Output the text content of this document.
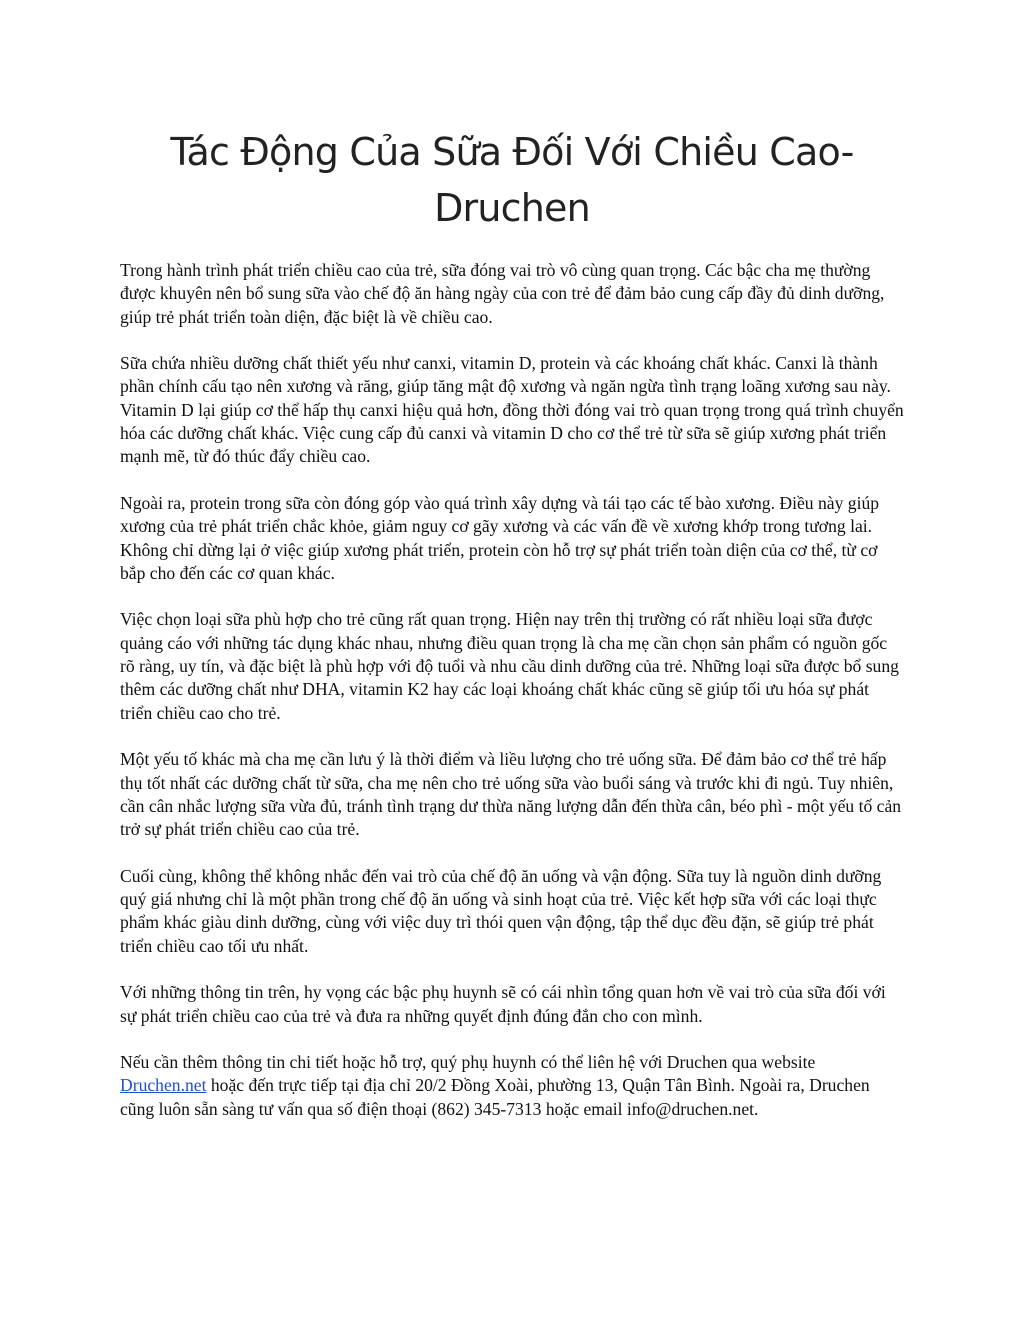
Tác Động Của Sữa Đối Với Chiều Cao-
Druchen

Trong hành trình phát triển chiều cao của trẻ, sữa đóng vai trò vô cùng quan trọng. Các bậc cha mẹ thường được khuyên nên bổ sung sữa vào chế độ ăn hàng ngày của con trẻ để đảm bảo cung cấp đầy đủ dinh dưỡng, giúp trẻ phát triển toàn diện, đặc biệt là về chiều cao.

Sữa chứa nhiều dưỡng chất thiết yếu như canxi, vitamin D, protein và các khoáng chất khác. Canxi là thành phần chính cấu tạo nên xương và răng, giúp tăng mật độ xương và ngăn ngừa tình trạng loãng xương sau này. Vitamin D lại giúp cơ thể hấp thụ canxi hiệu quả hơn, đồng thời đóng vai trò quan trọng trong quá trình chuyển hóa các dưỡng chất khác. Việc cung cấp đủ canxi và vitamin D cho cơ thể trẻ từ sữa sẽ giúp xương phát triển mạnh mẽ, từ đó thúc đẩy chiều cao.

Ngoài ra, protein trong sữa còn đóng góp vào quá trình xây dựng và tái tạo các tế bào xương. Điều này giúp xương của trẻ phát triển chắc khỏe, giảm nguy cơ gãy xương và các vấn đề về xương khớp trong tương lai. Không chỉ dừng lại ở việc giúp xương phát triển, protein còn hỗ trợ sự phát triển toàn diện của cơ thể, từ cơ bắp cho đến các cơ quan khác.

Việc chọn loại sữa phù hợp cho trẻ cũng rất quan trọng. Hiện nay trên thị trường có rất nhiều loại sữa được quảng cáo với những tác dụng khác nhau, nhưng điều quan trọng là cha mẹ cần chọn sản phẩm có nguồn gốc rõ ràng, uy tín, và đặc biệt là phù hợp với độ tuổi và nhu cầu dinh dưỡng của trẻ. Những loại sữa được bổ sung thêm các dưỡng chất như DHA, vitamin K2 hay các loại khoáng chất khác cũng sẽ giúp tối ưu hóa sự phát triển chiều cao cho trẻ.

Một yếu tố khác mà cha mẹ cần lưu ý là thời điểm và liều lượng cho trẻ uống sữa. Để đảm bảo cơ thể trẻ hấp thụ tốt nhất các dưỡng chất từ sữa, cha mẹ nên cho trẻ uống sữa vào buổi sáng và trước khi đi ngủ. Tuy nhiên, cần cân nhắc lượng sữa vừa đủ, tránh tình trạng dư thừa năng lượng dẫn đến thừa cân, béo phì - một yếu tố cản trở sự phát triển chiều cao của trẻ.

Cuối cùng, không thể không nhắc đến vai trò của chế độ ăn uống và vận động. Sữa tuy là nguồn dinh dưỡng quý giá nhưng chỉ là một phần trong chế độ ăn uống và sinh hoạt của trẻ. Việc kết hợp sữa với các loại thực phẩm khác giàu dinh dưỡng, cùng với việc duy trì thói quen vận động, tập thể dục đều đặn, sẽ giúp trẻ phát triển chiều cao tối ưu nhất.

Với những thông tin trên, hy vọng các bậc phụ huynh sẽ có cái nhìn tổng quan hơn về vai trò của sữa đối với sự phát triển chiều cao của trẻ và đưa ra những quyết định đúng đắn cho con mình.

Nếu cần thêm thông tin chi tiết hoặc hỗ trợ, quý phụ huynh có thể liên hệ với Druchen qua website Druchen.net hoặc đến trực tiếp tại địa chỉ 20/2 Đồng Xoài, phường 13, Quận Tân Bình. Ngoài ra, Druchen cũng luôn sẵn sàng tư vấn qua số điện thoại (862) 345-7313 hoặc email info@druchen.net.
